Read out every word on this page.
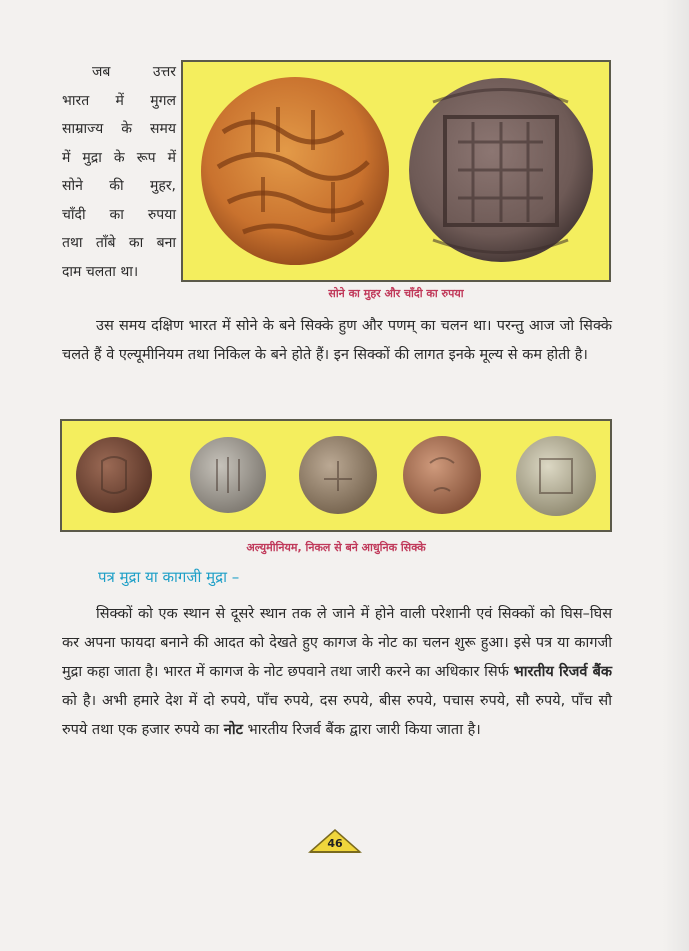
जब उत्तर
भारत में मुगल
साम्राज्य के समय
में मुद्रा के रूप में
सोने की मुहर,
चाँदी का रुपया
तथा ताँबे का बना
दाम चलता था।
सोने का मुहर और चाँदी का रुपया
उस समय दक्षिण भारत में सोने के बने सिक्के हुण और पणम् का चलन था। परन्तु आज जो सिक्के चलते हैं वे एल्यूमीनियम तथा निकिल के बने होते हैं। इन सिक्कों की लागत इनके मूल्य से कम होती है।
अल्युमीनियम, निकल से बने आधुनिक सिक्के
पत्र मुद्रा या कागजी मुद्रा –
सिक्कों को एक स्थान से दूसरे स्थान तक ले जाने में होने वाली परेशानी एवं सिक्कों को घिस–घिस कर अपना फायदा बनाने की आदत को देखते हुए कागज के नोट का चलन शुरू हुआ। इसे पत्र या कागजी मुद्रा कहा जाता है। भारत में कागज के नोट छपवाने तथा जारी करने का अधिकार सिर्फ भारतीय रिजर्व बैंक को है। अभी हमारे देश में दो रुपये, पाँच रुपये, दस रुपये, बीस रुपये, पचास रुपये, सौ रुपये, पाँच सौ रुपये तथा एक हजार रुपये का नोट भारतीय रिजर्व बैंक द्वारा जारी किया जाता है।
46
